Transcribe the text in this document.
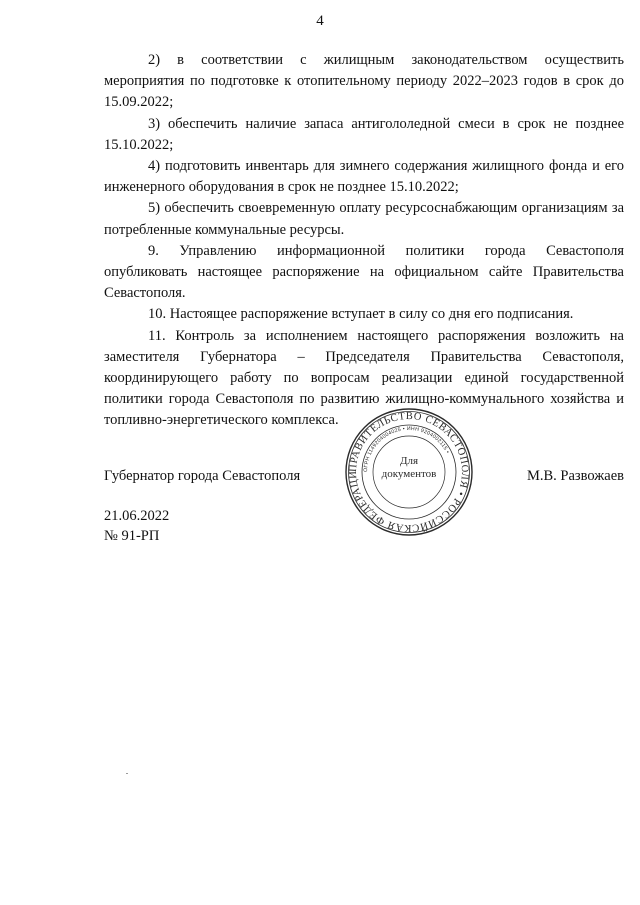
4

2) в соответствии с жилищным законодательством осуществить мероприятия по подготовке к отопительному периоду 2022–2023 годов в срок до 15.09.2022;

3) обеспечить наличие запаса антигололедной смеси в срок не позднее 15.10.2022;

4) подготовить инвентарь для зимнего содержания жилищного фонда и его инженерного оборудования в срок не позднее 15.10.2022;

5) обеспечить своевременную оплату ресурсоснабжающим организациям за потребленные коммунальные ресурсы.

9. Управлению информационной политики города Севастополя опубликовать настоящее распоряжение на официальном сайте Правительства Севастополя.

10. Настоящее распоряжение вступает в силу со дня его подписания.

11. Контроль за исполнением настоящего распоряжения возложить на заместителя Губернатора – Председателя Правительства Севастополя, координирующего работу по вопросам реализации единой государственной политики города Севастополя по развитию жилищно-коммунального хозяйства и топливно-энергетического комплекса.

Губернатор города Севастополя	М.В. Развожаев
ПРАВИТЕЛЬСТВО СЕВАСТОПОЛЯ • РОССИЙСКАЯ ФЕДЕРАЦИ
ОГРН 1149204004025 • ИНН 9204002115 •
Для
документов
21.06.2022
№ 91-РП
